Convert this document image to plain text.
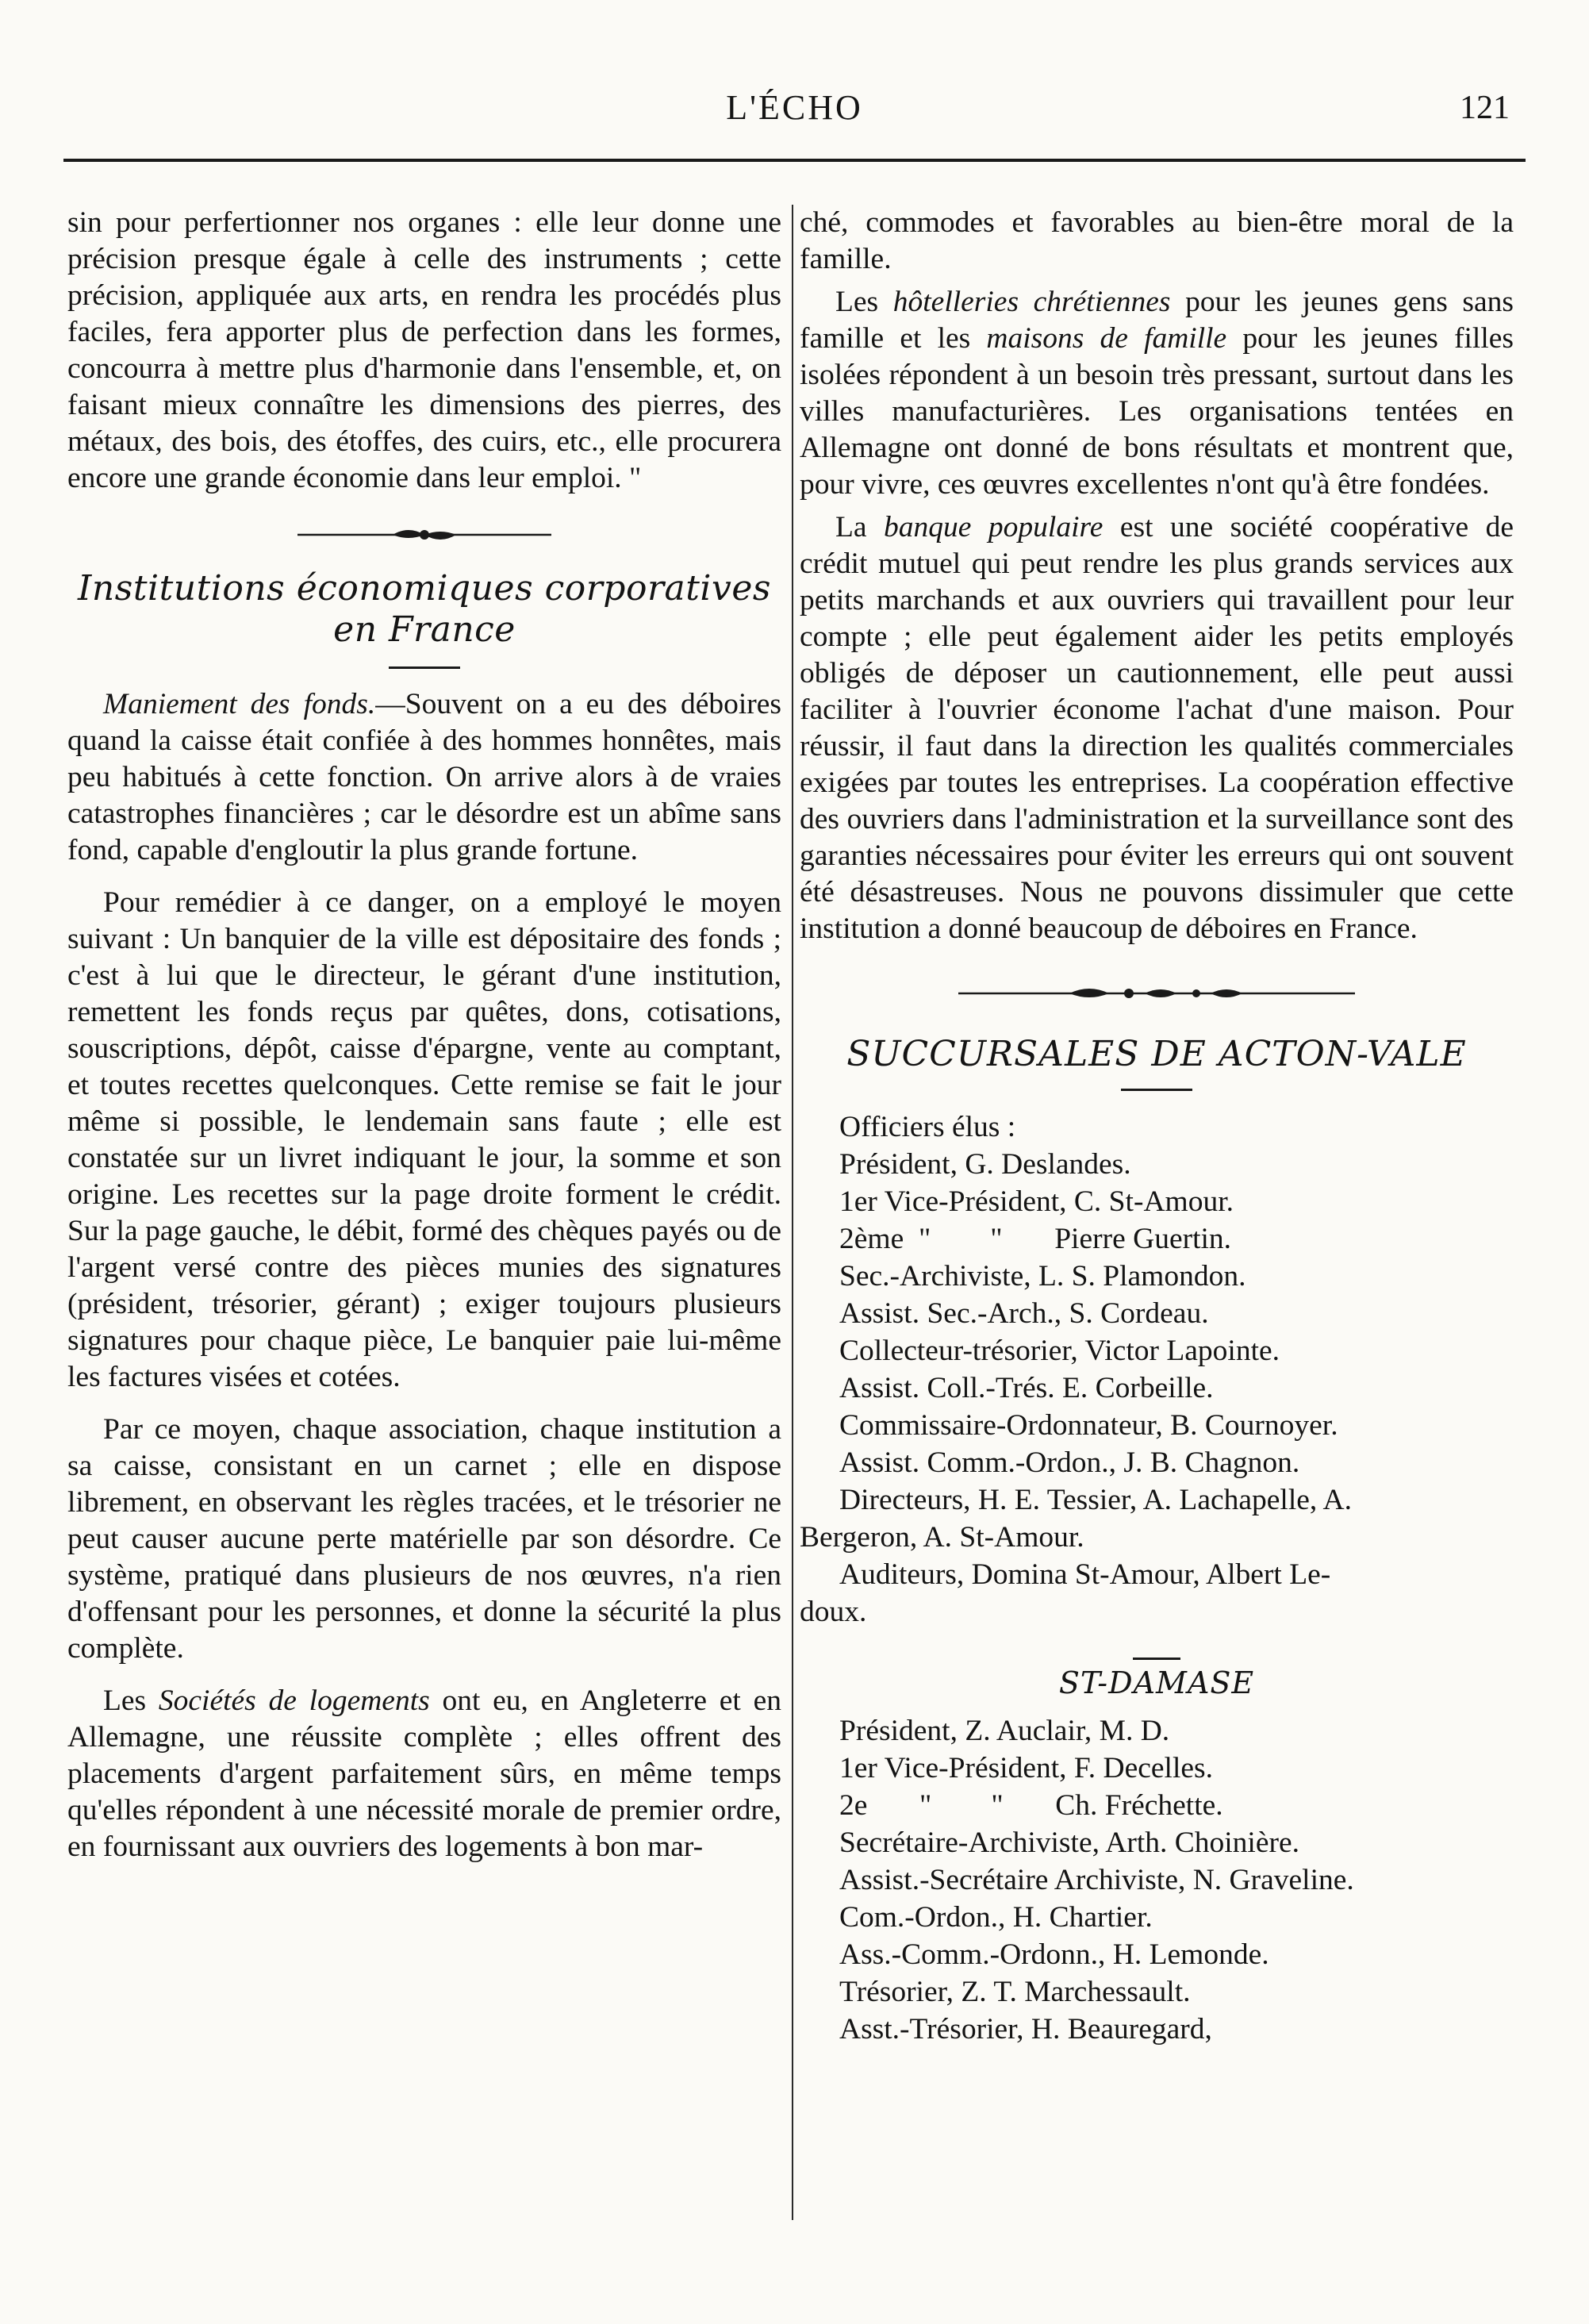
L'ÉCHO	121

sin pour perfertionner nos organes : elle leur donne une précision presque égale à celle des instruments ; cette précision, appliquée aux arts, en rendra les procédés plus faciles, fera apporter plus de perfection dans les formes, concourra à mettre plus d'harmonie dans l'ensemble, et, on faisant mieux connaître les dimensions des pierres, des métaux, des bois, des étoffes, des cuirs, etc., elle procurera encore une grande économie dans leur emploi. "

Institutions économiques corporatives
en France

Maniement des fonds.—Souvent on a eu des déboires quand la caisse était confiée à des hommes honnêtes, mais peu habitués à cette fonction. On arrive alors à de vraies catastrophes financières ; car le désordre est un abîme sans fond, capable d'engloutir la plus grande fortune.

Pour remédier à ce danger, on a employé le moyen suivant : Un banquier de la ville est dépositaire des fonds ; c'est à lui que le directeur, le gérant d'une institution, remettent les fonds reçus par quêtes, dons, cotisations, souscriptions, dépôt, caisse d'épargne, vente au comptant, et toutes recettes quelconques. Cette remise se fait le jour même si possible, le lendemain sans faute ; elle est constatée sur un livret indiquant le jour, la somme et son origine. Les recettes sur la page droite forment le crédit. Sur la page gauche, le débit, formé des chèques payés ou de l'argent versé contre des pièces munies des signatures (président, trésorier, gérant) ; exiger toujours plusieurs signatures pour chaque pièce, Le banquier paie lui-même les factures visées et cotées.

Par ce moyen, chaque association, chaque institution a sa caisse, consistant en un carnet ; elle en dispose librement, en observant les règles tracées, et le trésorier ne peut causer aucune perte matérielle par son désordre. Ce système, pratiqué dans plusieurs de nos œuvres, n'a rien d'offensant pour les personnes, et donne la sécurité la plus complète.

Les Sociétés de logements ont eu, en Angleterre et en Allemagne, une réussite complète ; elles offrent des placements d'argent parfaitement sûrs, en même temps qu'elles répondent à une nécessité morale de premier ordre, en fournissant aux ouvriers des logements à bon mar-

ché, commodes et favorables au bien-être moral de la famille.

Les hôtelleries chrétiennes pour les jeunes gens sans famille et les maisons de famille pour les jeunes filles isolées répondent à un besoin très pressant, surtout dans les villes manufacturières. Les organisations tentées en Allemagne ont donné de bons résultats et montrent que, pour vivre, ces œuvres excellentes n'ont qu'à être fondées.

La banque populaire est une société coopérative de crédit mutuel qui peut rendre les plus grands services aux petits marchands et aux ouvriers qui travaillent pour leur compte ; elle peut également aider les petits employés obligés de déposer un cautionnement, elle peut aussi faciliter à l'ouvrier économe l'achat d'une maison. Pour réussir, il faut dans la direction les qualités commerciales exigées par toutes les entreprises. La coopération effective des ouvriers dans l'administration et la surveillance sont des garanties nécessaires pour éviter les erreurs qui ont souvent été désastreuses. Nous ne pouvons dissimuler que cette institution a donné beaucoup de déboires en France.

SUCCURSALES DE ACTON-VALE
Officiers élus :
Président, G. Deslandes.
1er Vice-Président, C. St-Amour.
2ème  "        "       Pierre Guertin.
Sec.-Archiviste, L. S. Plamondon.
Assist. Sec.-Arch., S. Cordeau.
Collecteur-trésorier, Victor Lapointe.
Assist. Coll.-Trés. E. Corbeille.
Commissaire-Ordonnateur, B. Cournoyer.
Assist. Comm.-Ordon., J. B. Chagnon.
Directeurs, H. E. Tessier, A. Lachapelle, A.
Bergeron, A. St-Amour.
Auditeurs, Domina St-Amour, Albert Le-
doux.
ST-DAMASE
Président, Z. Auclair, M. D.
1er Vice-Président, F. Decelles.
2e       "        "       Ch. Fréchette.
Secrétaire-Archiviste, Arth. Choinière.
Assist.-Secrétaire Archiviste, N. Graveline.
Com.-Ordon., H. Chartier.
Ass.-Comm.-Ordonn., H. Lemonde.
Trésorier, Z. T. Marchessault.
Asst.-Trésorier, H. Beauregard,
